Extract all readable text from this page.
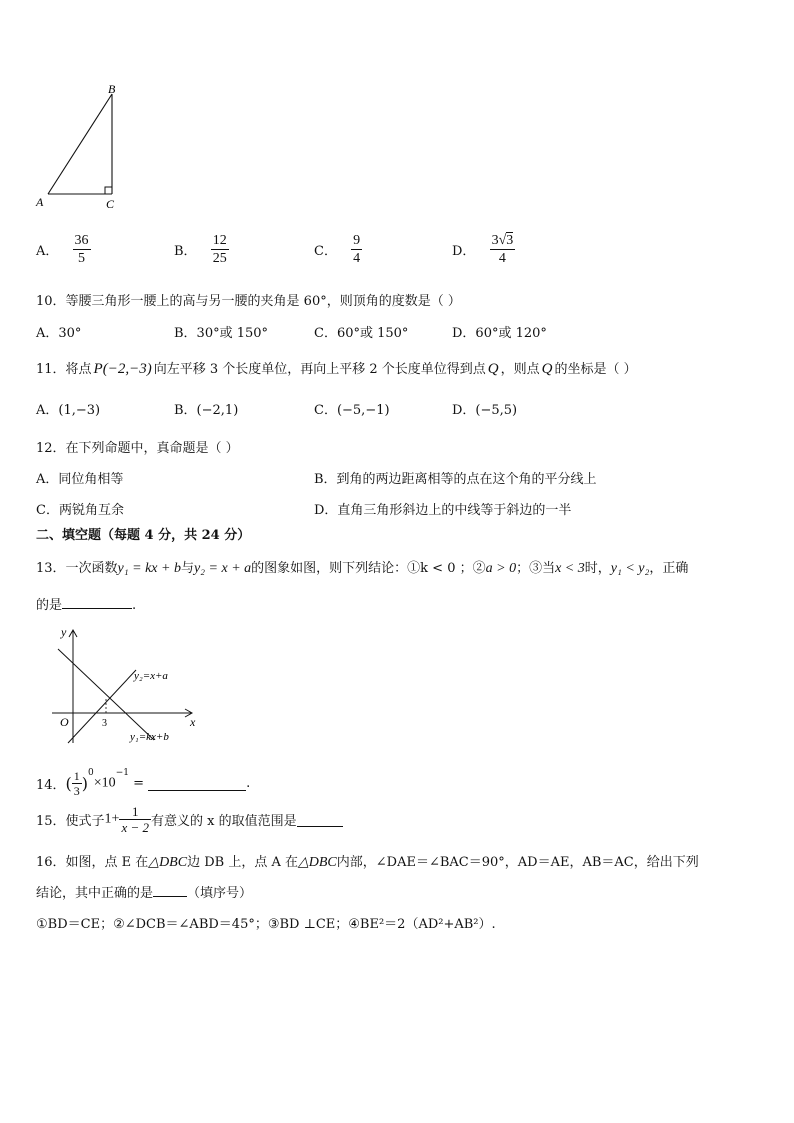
B
A	C
A． $\frac{36}{5}$	B． $\frac{12}{25}$	C． $\frac{9}{4}$	D． $\frac{3√3}{4}$
10．等腰三角形一腰上的高与另一腰的夹角是 60°，则顶角的度数是（ ）
A．30°	B．30°或 150°	C．60°或 150°	D．60°或 120°
11．将点 P(−2,−3) 向左平移 3 个长度单位，再向上平移 2 个长度单位得到点 Q ，则点 Q 的坐标是（ ）
A．(1,−3)	B．(−2,1)	C．(−5,−1)	D．(−5,5)
12．在下列命题中，真命题是（ ）
A．同位角相等	B．到角的两边距离相等的点在这个角的平分线上
C．两锐角互余	D．直角三角形斜边上的中线等于斜边的一半
二、填空题（每题 4 分，共 24 分）
13．一次函数y₁ = kx + b与y₂ = x + a的图象如图，则下列结论：①k < 0 ；②a > 0；③当x < 3时，y₁ < y₂，正确
的是	.
y
x
O	3
y₂=x+a
y₁=kx+b
14．( $\frac{1}{3} )^0\times 10^{-1}$ =	.
15．使式子$1+ \frac{1}{x - 2}$ 有意义的 x 的取值范围是
16．如图，点 E 在△DBC边 DB 上，点 A 在△DBC内部，∠DAE＝∠BAC＝90°，AD＝AE，AB＝AC，给出下列
结论，其中正确的是	（填序号）
①BD＝CE；②∠DCB＝∠ABD＝45°；③BD ⊥CE；④BE²＝2（AD²+AB²）.
